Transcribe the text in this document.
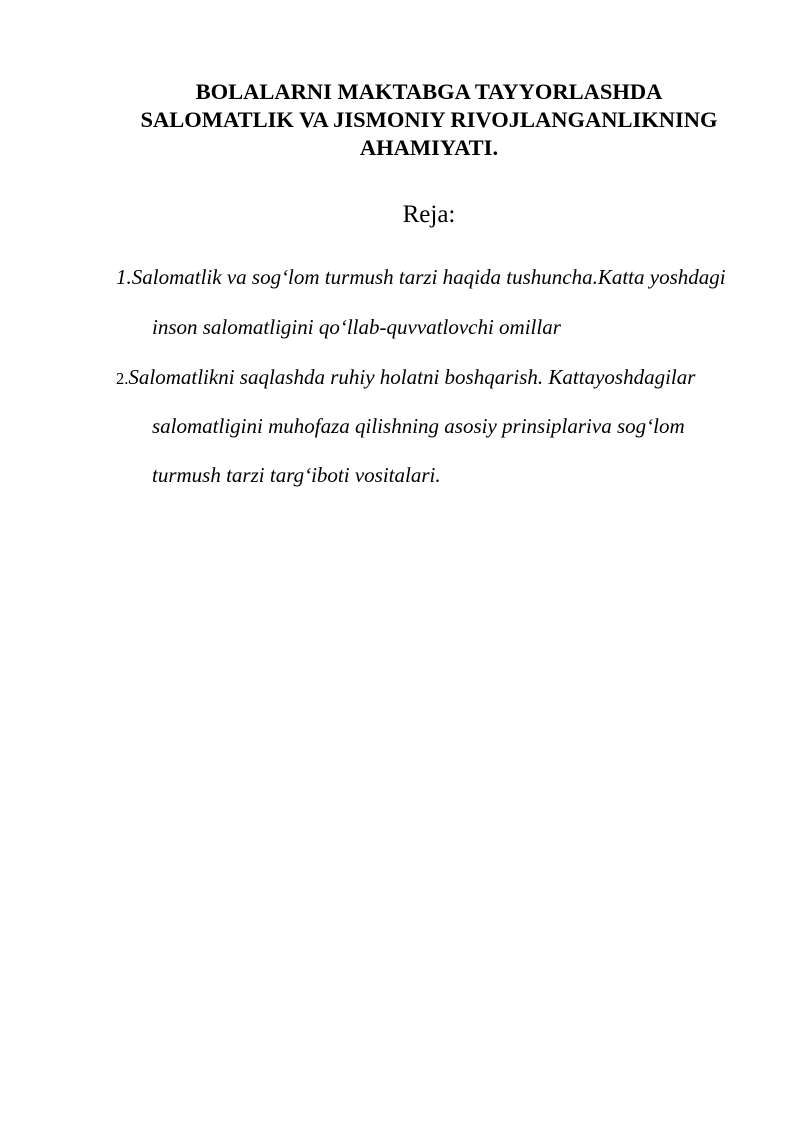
BOLALARNI MAKTABGA TAYYORLASHDA
SALOMATLIK VA JISMONIY RIVOJLANGANLIKNING
AHAMIYATI.
Reja:
1.Salomatlik va sog‘lom turmush tarzi haqida tushuncha.Katta yoshdagi
inson salomatligini qo‘llab-quvvatlovchi omillar
2.Salomatlikni saqlashda ruhiy holatni boshqarish. Kattayoshdagilar
salomatligini muhofaza qilishning asosiy prinsiplariva sog‘lom
turmush tarzi targ‘iboti vositalari.
